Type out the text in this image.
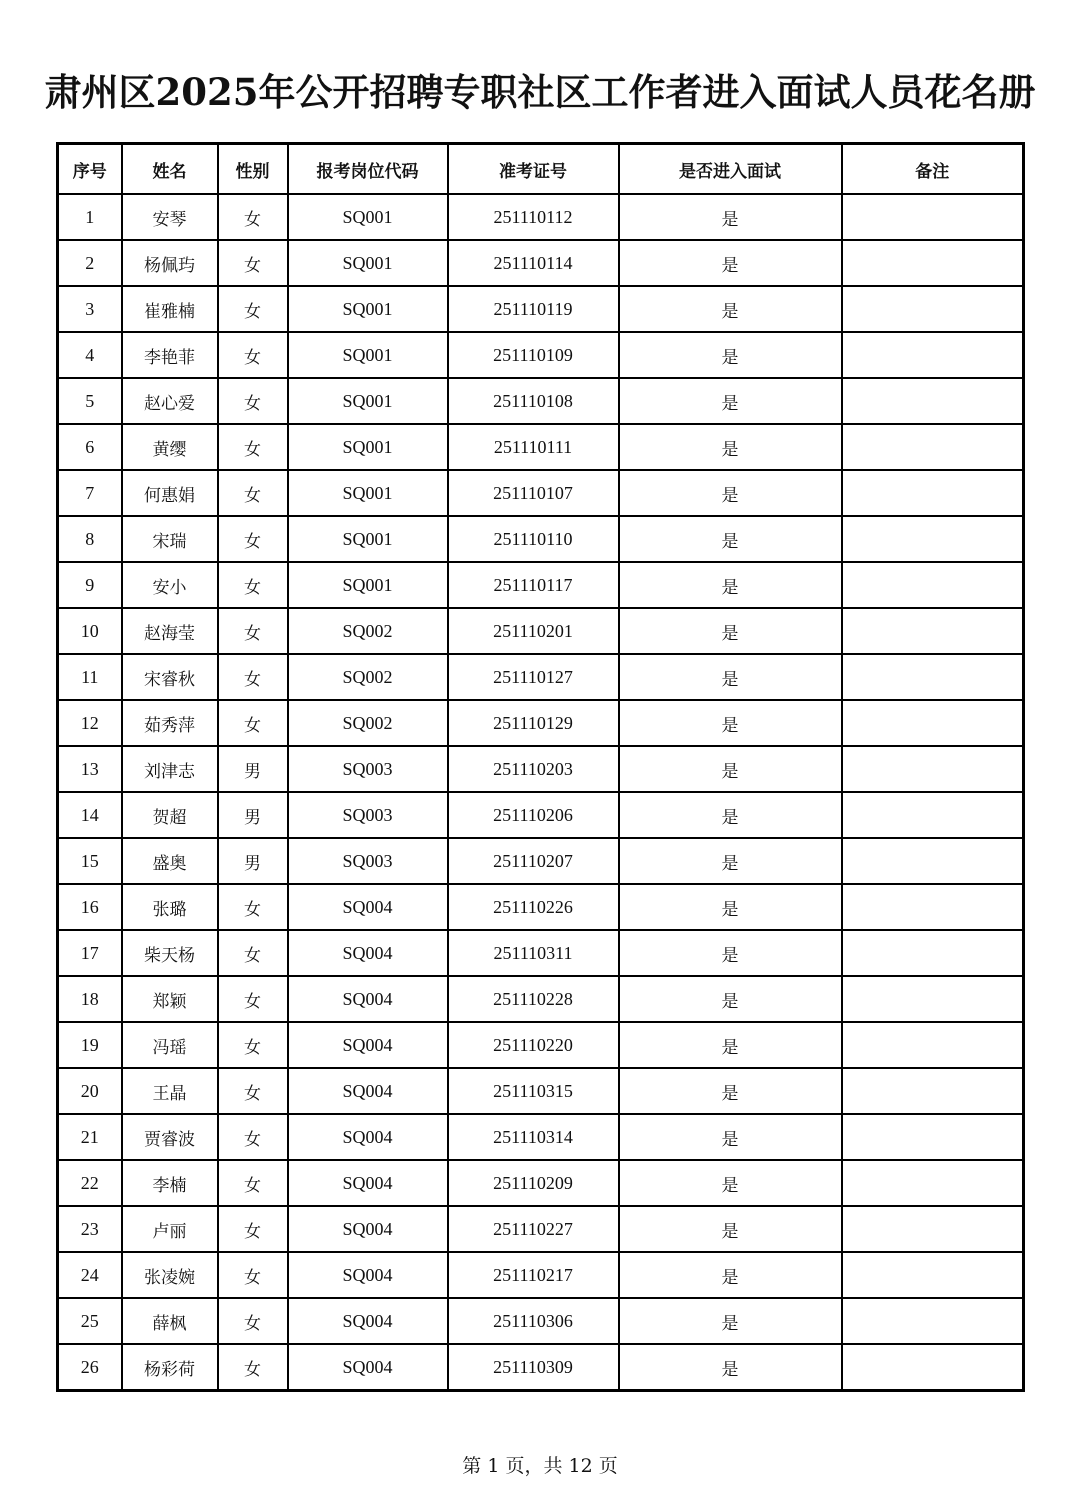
肃州区2025年公开招聘专职社区工作者进入面试人员花名册
序号	姓名	性别	报考岗位代码	准考证号	是否进入面试	备注
1	安琴	女	SQ001	251110112	是	
2	杨佩玙	女	SQ001	251110114	是	
3	崔雅楠	女	SQ001	251110119	是	
4	李艳菲	女	SQ001	251110109	是	
5	赵心爱	女	SQ001	251110108	是	
6	黄缨	女	SQ001	251110111	是	
7	何惠娟	女	SQ001	251110107	是	
8	宋瑞	女	SQ001	251110110	是	
9	安小	女	SQ001	251110117	是	
10	赵海莹	女	SQ002	251110201	是	
11	宋睿秋	女	SQ002	251110127	是	
12	茹秀萍	女	SQ002	251110129	是	
13	刘津志	男	SQ003	251110203	是	
14	贺超	男	SQ003	251110206	是	
15	盛奥	男	SQ003	251110207	是	
16	张璐	女	SQ004	251110226	是	
17	柴天杨	女	SQ004	251110311	是	
18	郑颖	女	SQ004	251110228	是	
19	冯瑶	女	SQ004	251110220	是	
20	王晶	女	SQ004	251110315	是	
21	贾睿波	女	SQ004	251110314	是	
22	李楠	女	SQ004	251110209	是	
23	卢丽	女	SQ004	251110227	是	
24	张凌婉	女	SQ004	251110217	是	
25	薛枫	女	SQ004	251110306	是	
26	杨彩荷	女	SQ004	251110309	是	
第 1 页，共 12 页
